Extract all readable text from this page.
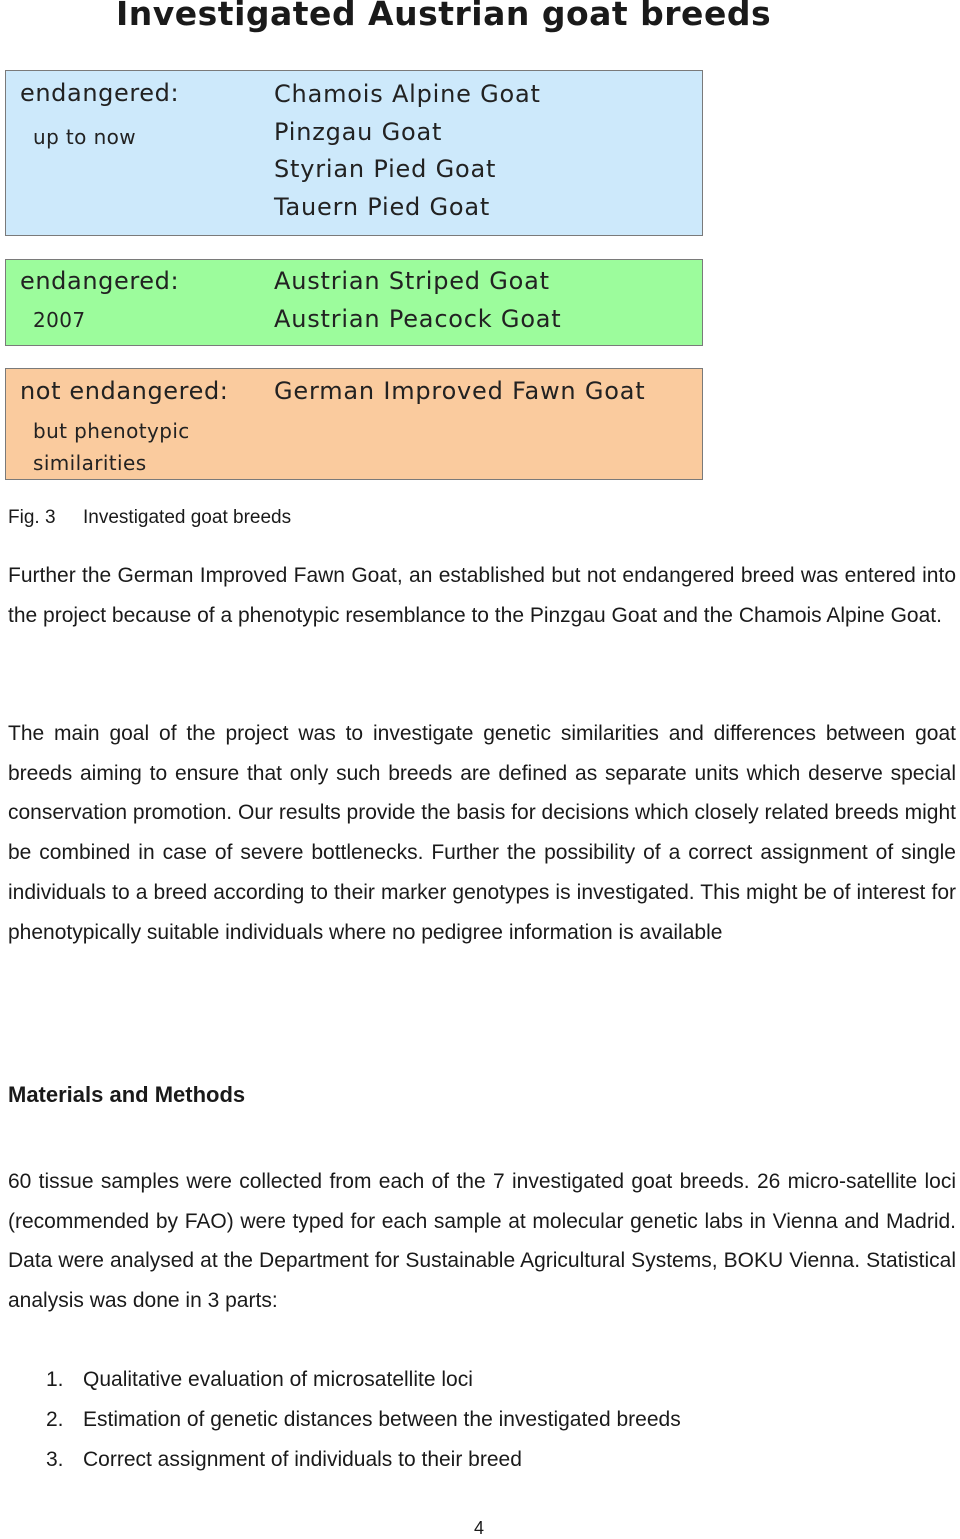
Investigated Austrian goat breeds
endangered:
up to now
Chamois Alpine Goat
Pinzgau Goat
Styrian Pied Goat
Tauern Pied Goat
endangered:
2007
Austrian Striped Goat
Austrian Peacock Goat
not endangered:
but phenotypic similarities
German Improved Fawn Goat
Fig. 3 Investigated goat breeds

Further the German Improved Fawn Goat, an established but not endangered breed was entered into the project because of a phenotypic resemblance to the Pinzgau Goat and the Chamois Alpine Goat.

The main goal of the project was to investigate genetic similarities and differences between goat breeds aiming to ensure that only such breeds are defined as separate units which deserve special conservation promotion. Our results provide the basis for decisions which closely related breeds might be combined in case of severe bottlenecks. Further the possibility of a correct assignment of single individuals to a breed according to their marker genotypes is investigated. This might be of interest for phenotypically suitable individuals where no pedigree information is available

Materials and Methods

60 tissue samples were collected from each of the 7 investigated goat breeds. 26 micro-satellite loci (recommended by FAO) were typed for each sample at molecular genetic labs in Vienna and Madrid. Data were analysed at the Department for Sustainable Agricultural Systems, BOKU Vienna. Statistical analysis was done in 3 parts:

1. Qualitative evaluation of microsatellite loci
2. Estimation of genetic distances between the investigated breeds
3. Correct assignment of individuals to their breed
4
